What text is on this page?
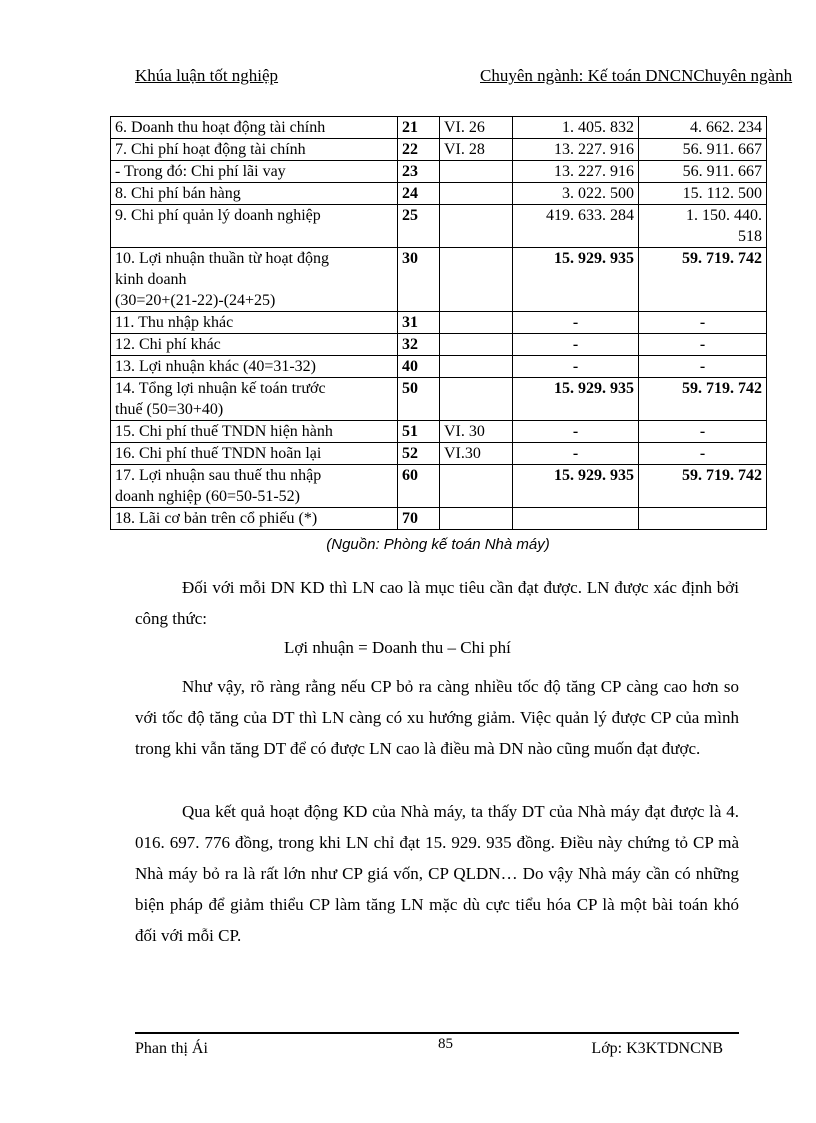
Khúa luận tốt nghiệp	Chuyên ngành: Kế toán DNCNChuyên ngành
6. Doanh thu hoạt động tài chính	21	VI. 26	1. 405. 832	4. 662. 234
7. Chi phí hoạt động tài chính	22	VI. 28	13. 227. 916	56. 911. 667
- Trong đó: Chi phí lãi vay	23		13. 227. 916	56. 911. 667
8. Chi phí bán hàng	24		3. 022. 500	15. 112. 500
9. Chi phí quản lý doanh nghiệp	25		419. 633. 284	1. 150. 440.
518

10. Lợi nhuận thuần từ hoạt động
kinh doanh
(30=20+(21-22)-(24+25)	30		15. 929. 935	59. 719. 742
11. Thu nhập khác	31		-	-
12. Chi phí khác	32		-	-
13. Lợi nhuận khác (40=31-32)	40		-	-

14. Tổng lợi nhuận kế toán trước
thuế (50=30+40)	50		15. 929. 935	59. 719. 742
15. Chi phí thuế TNDN hiện hành	51	VI. 30	-	-
16. Chi phí thuế TNDN hoãn lại	52	VI.30	-	-

17. Lợi nhuận sau thuế thu nhập
doanh nghiệp (60=50-51-52)	60		15. 929. 935	59. 719. 742
18. Lãi cơ bản trên cổ phiếu (*)	70			
(Nguồn: Phòng kế toán Nhà máy)
Đối với mỗi DN KD thì LN cao là mục tiêu cần đạt được. LN được xác định bởi công thức:
Lợi nhuận = Doanh thu – Chi phí
Như vậy, rõ ràng rằng nếu CP bỏ ra càng nhiều tốc độ tăng CP càng cao hơn so với tốc độ tăng của DT thì LN càng có xu hướng giảm. Việc quản lý được CP của mình trong khi vẫn tăng DT để có được LN cao là điều mà DN nào cũng muốn đạt được.
Qua kết quả hoạt động KD của Nhà máy, ta thấy DT của Nhà máy đạt được là 4. 016. 697. 776 đồng, trong khi LN chỉ đạt 15. 929. 935 đồng. Điều này chứng tỏ CP mà Nhà máy bỏ ra là rất lớn như CP giá vốn, CP QLDN… Do vậy Nhà máy cần có những biện pháp để giảm thiểu CP làm tăng LN mặc dù cực tiểu hóa CP là một bài toán khó đối với mỗi CP.
Phan thị Ái	85	Lớp: K3KTDNCNB
